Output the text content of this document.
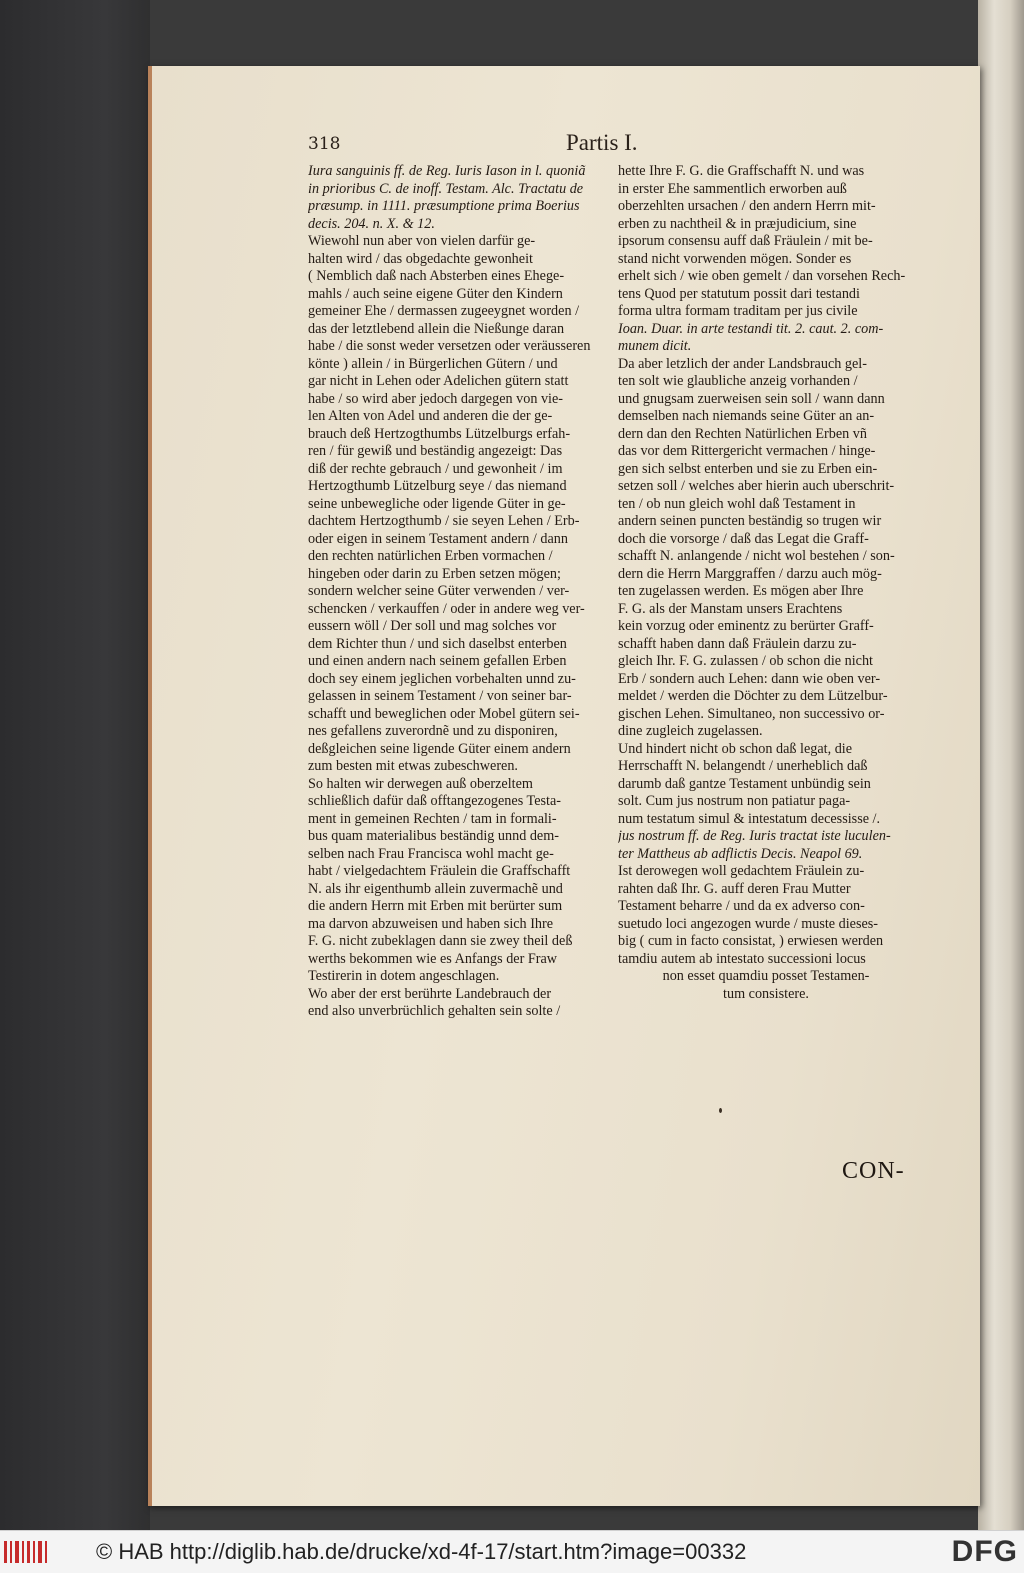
318	Partis I.
Iura sanguinis ff. de Reg. Iuris Iason in l. quoniã
in prioribus C. de inoff. Testam. Alc. Tractatu de
præsump. in 1111. præsumptione prima Boerius
decis. 204. n. X. & 12.
Wiewohl nun aber von vielen darfür ge-
halten wird / das obgedachte gewonheit
( Nemblich daß nach Absterben eines Ehege-
mahls / auch seine eigene Güter den Kindern
gemeiner Ehe / dermassen zugeeygnet worden /
das der letztlebend allein die Nießunge daran
habe / die sonst weder versetzen oder veräusseren
könte ) allein / in Bürgerlichen Gütern / und
gar nicht in Lehen oder Adelichen gütern statt
habe / so wird aber jedoch dargegen von vie-
len Alten von Adel und anderen die der ge-
brauch deß Hertzogthumbs Lützelburgs erfah-
ren / für gewiß und beständig angezeigt: Das
diß der rechte gebrauch / und gewonheit / im
Hertzogthumb Lützelburg seye / das niemand
seine unbewegliche oder ligende Güter in ge-
dachtem Hertzogthumb / sie seyen Lehen / Erb-
oder eigen in seinem Testament andern / dann
den rechten natürlichen Erben vormachen /
hingeben oder darin zu Erben setzen mögen;
sondern welcher seine Güter verwenden / ver-
schencken / verkauffen / oder in andere weg ver-
eussern wöll / Der soll und mag solches vor
dem Richter thun / und sich daselbst enterben
und einen andern nach seinem gefallen Erben
doch sey einem jeglichen vorbehalten unnd zu-
gelassen in seinem Testament / von seiner bar-
schafft und beweglichen oder Mobel gütern sei-
nes gefallens zuverordnẽ und zu disponiren,
deßgleichen seine ligende Güter einem andern
zum besten mit etwas zubeschweren.
So halten wir derwegen auß oberzeltem
schließlich dafür daß offtangezogenes Testa-
ment in gemeinen Rechten / tam in formali-
bus quam materialibus beständig unnd dem-
selben nach Frau Francisca wohl macht ge-
habt / vielgedachtem Fräulein die Graffschafft
N. als ihr eigenthumb allein zuvermachẽ und
die andern Herrn mit Erben mit berürter sum
ma darvon abzuweisen und haben sich Ihre
F. G. nicht zubeklagen dann sie zwey theil deß
werths bekommen wie es Anfangs der Fraw
Testirerin in dotem angeschlagen.
Wo aber der erst berührte Landebrauch der
end also unverbrüchlich gehalten sein solte /
hette Ihre F. G. die Graffschafft N. und was
in erster Ehe sammentlich erworben auß
oberzehlten ursachen / den andern Herrn mit-
erben zu nachtheil & in præjudicium, sine
ipsorum consensu auff daß Fräulein / mit be-
stand nicht vorwenden mögen. Sonder es
erhelt sich / wie oben gemelt / dan vorsehen Rech-
tens Quod per statutum possit dari testandi
forma ultra formam traditam per jus civile
Ioan. Duar. in arte testandi tit. 2. caut. 2. com-
munem dicit.
Da aber letzlich der ander Landsbrauch gel-
ten solt wie glaubliche anzeig vorhanden /
und gnugsam zuerweisen sein soll / wann dann
demselben nach niemands seine Güter an an-
dern dan den Rechten Natürlichen Erben vñ
das vor dem Rittergericht vermachen / hinge-
gen sich selbst enterben und sie zu Erben ein-
setzen soll / welches aber hierin auch uberschrit-
ten / ob nun gleich wohl daß Testament in
andern seinen puncten beständig so trugen wir
doch die vorsorge / daß das Legat die Graff-
schafft N. anlangende / nicht wol bestehen / son-
dern die Herrn Marggraffen / darzu auch mög-
ten zugelassen werden. Es mögen aber Ihre
F. G. als der Manstam unsers Erachtens
kein vorzug oder eminentz zu berürter Graff-
schafft haben dann daß Fräulein darzu zu-
gleich Ihr. F. G. zulassen / ob schon die nicht
Erb / sondern auch Lehen: dann wie oben ver-
meldet / werden die Döchter zu dem Lützelbur-
gischen Lehen. Simultaneo, non successivo or-
dine zugleich zugelassen.
Und hindert nicht ob schon daß legat, die
Herrschafft N. belangendt / unerheblich daß
darumb daß gantze Testament unbündig sein
solt. Cum jus nostrum non patiatur paga-
num testatum simul & intestatum decessisse /.
jus nostrum ff. de Reg. Iuris tractat iste luculen-
ter Mattheus ab adflictis Decis. Neapol 69.
Ist derowegen woll gedachtem Fräulein zu-
rahten daß Ihr. G. auff deren Frau Mutter
Testament beharre / und da ex adverso con-
suetudo loci angezogen wurde / muste dieses-
big ( cum in facto consistat, ) erwiesen werden
tamdiu autem ab intestato successioni locus
non esset quamdiu posset Testamen-
tum consistere.
CON-
© HAB http://diglib.hab.de/drucke/xd-4f-17/start.htm?image=00332	DFG
